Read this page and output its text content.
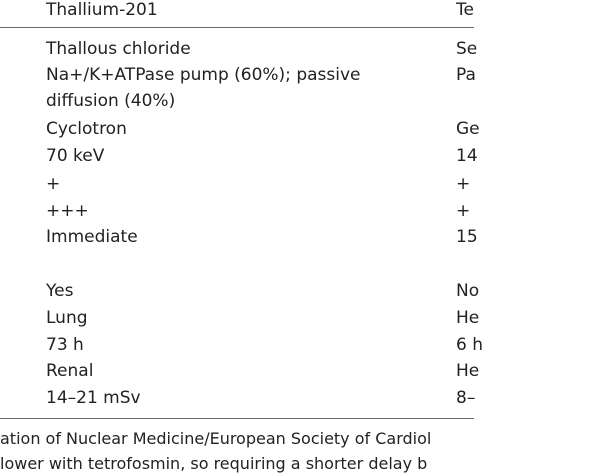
Thallium-201	Te
Thallous chloride	Se
Na+/K+ATPase pump (60%); passive	Pa
diffusion (40%)
Cyclotron	Ge
70 keV	14
+	+
+++	+
Immediate	15
Yes	No
Lung	He
73 h	6 h
Renal	He
14–21 mSv	8–
ation of Nuclear Medicine/European Society of Cardiol
lower with tetrofosmin, so requiring a shorter delay b
